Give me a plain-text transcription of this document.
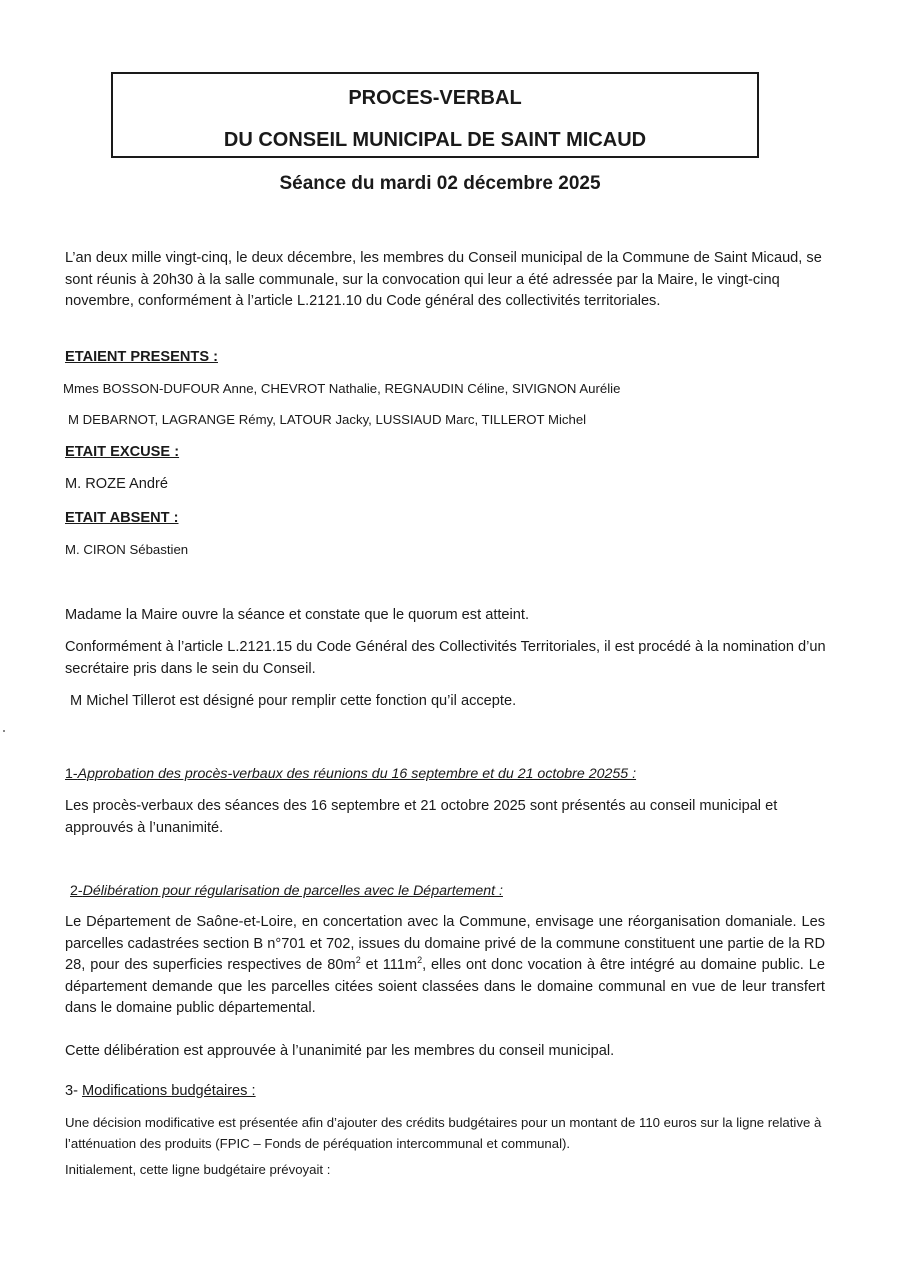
PROCES-VERBAL
DU CONSEIL MUNICIPAL DE SAINT MICAUD
Séance du mardi 02 décembre 2025
L’an deux mille vingt-cinq, le deux décembre, les membres du Conseil municipal de la Commune de Saint Micaud, se sont réunis à 20h30 à la salle communale, sur la convocation qui leur a été adressée par la Maire, le vingt-cinq novembre, conformément à l’article L.2121.10 du Code général des collectivités territoriales.
ETAIENT PRESENTS :
Mmes BOSSON-DUFOUR Anne, CHEVROT Nathalie, REGNAUDIN Céline, SIVIGNON Aurélie
M DEBARNOT, LAGRANGE Rémy, LATOUR Jacky, LUSSIAUD Marc, TILLEROT Michel
ETAIT EXCUSE :
M. ROZE André
ETAIT ABSENT :
M. CIRON Sébastien
Madame la Maire ouvre la séance et constate que le quorum est atteint.
Conformément à l’article L.2121.15 du Code Général des Collectivités Territoriales, il est procédé à la nomination d’un secrétaire pris dans le sein du Conseil.
M Michel Tillerot est désigné pour remplir cette fonction qu’il accepte.
1-Approbation des procès-verbaux des réunions du 16 septembre et du 21 octobre 20255 :
Les procès-verbaux des séances des 16 septembre et 21 octobre 2025 sont présentés au conseil municipal et approuvés à l’unanimité.
2-Délibération pour régularisation de parcelles avec le Département :
Le Département de Saône-et-Loire, en concertation avec la Commune, envisage une réorganisation domaniale. Les parcelles cadastrées section B n°701 et 702, issues du domaine privé de la commune constituent une partie de la RD 28, pour des superficies respectives de $80m^2$ et $111m^2$, elles ont donc vocation à être intégré au domaine public. Le département demande que les parcelles citées soient classées dans le domaine communal en vue de leur transfert dans le domaine public départemental.
Cette délibération est approuvée à l’unanimité par les membres du conseil municipal.
3- Modifications budgétaires :
Une décision modificative est présentée afin d’ajouter des crédits budgétaires pour un montant de 110 euros sur la ligne relative à l’atténuation des produits (FPIC – Fonds de péréquation intercommunal et communal).
Initialement, cette ligne budgétaire prévoyait :
